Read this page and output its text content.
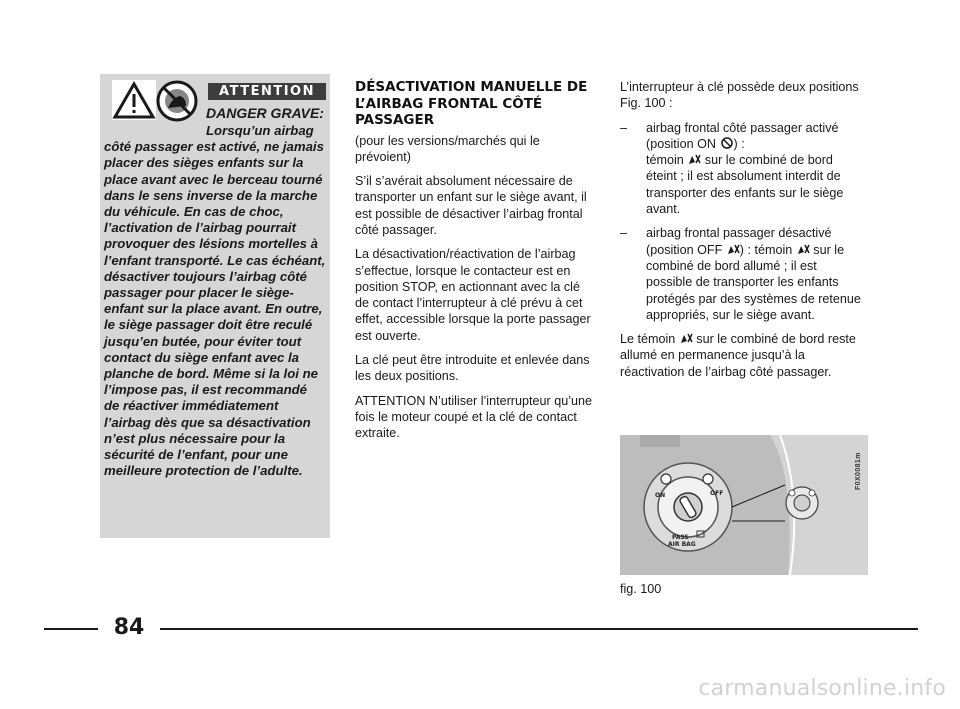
ATTENTION
DANGER GRAVE:

Lorsqu’un airbag
côté passager est activé, ne jamais placer des sièges enfants sur la place avant avec le berceau tourné dans le sens inverse de la marche du véhicule. En cas de choc, l’activation de l’airbag pourrait provoquer des lésions mortelles à l’enfant transporté. Le cas échéant, désactiver toujours l’airbag côté passager pour placer le siège-enfant sur la place avant. En outre, le siège passager doit être reculé jusqu’en butée, pour éviter tout contact du siège enfant avec la planche de bord. Même si la loi ne l’impose pas, il est recommandé de réactiver immédiatement l’airbag dès que sa désactivation n’est plus nécessaire pour la sécurité de l’enfant, pour une meilleure protection de l’adulte.

DÉSACTIVATION MANUELLE DE L’AIRBAG FRONTAL CÔTÉ PASSAGER

(pour les versions/marchés qui le prévoient)

S’il s’avérait absolument nécessaire de transporter un enfant sur le siège avant, il est possible de désactiver l’airbag frontal côté passager.

La désactivation/réactivation de l’airbag s’effectue, lorsque le contacteur est en position STOP, en actionnant avec la clé de contact l’interrupteur à clé prévu à cet effet, accessible lorsque la porte passager est ouverte.

La clé peut être introduite et enlevée dans les deux positions.

ATTENTION N’utiliser l’interrupteur qu’une fois le moteur coupé et la clé de contact extraite.

L’interrupteur à clé possède deux positions Fig. 100 :

– airbag frontal côté passager activé (position ON ) :
témoin  sur le combiné de bord éteint ; il est absolument interdit de transporter des enfants sur le siège avant.
– airbag frontal passager désactivé (position OFF ) : témoin  sur le combiné de bord allumé ; il est possible de transporter les enfants protégés par des systèmes de retenue appropriés, sur le siège avant.

Le témoin  sur le combiné de bord reste allumé en permanence jusqu’à la réactivation de l’airbag côté passager.

ON	OFF
PASS
AIR BAG
F0X0081m
fig. 100
84
carmanualsonline.info
